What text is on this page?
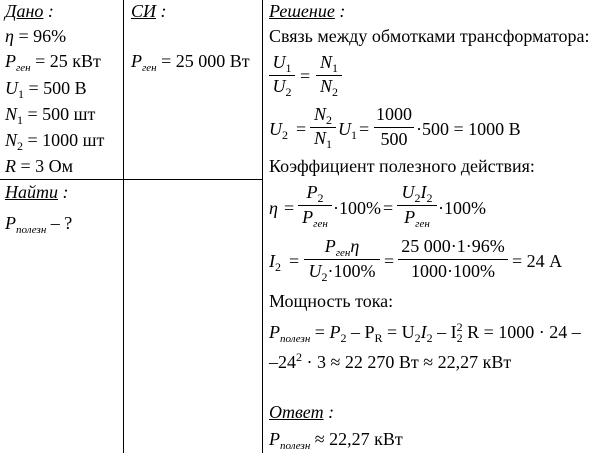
Дано :
η = 96%
$P_{ген} = 25$ кВт
$U_1 = 500$ В
$N_1 = 500$ шт
$N_2 = 1000$ шт
R = 3 Ом
Найти :
$P_{полезн}$ – ?
СИ :
$P_{ген} = 25$ 000 Вт
Решение :
Связь между обмотками трансформатора:
$U_1$
$U_2$
=
$N_1$
$N_2$
$U_2$ =
$N_2$
$N_1$
$U_1$ =
1000
500 ·500 = 1000 В
Коэффициент полезного действия:
η =
$P_2$
$P_{ген}$
·100% =
$U_2I_2$
$P_{ген}$
·100%
$I_2$ =
$P_{ген}\eta$
$U_2\cdot 100\%$ =
25 000·1·96%
1000·100% = 24 А
Мощность тока:
$P_{полезн} = P_2 - P_R = U_2I_2 - I_2^2$ R = 1000 · 24 –
$-24^2 \cdot 3 \approx 22$ 270 Вт ≈ 22,27 кВт
Ответ :
$P_{полезн} \approx 22,27$ кВт
